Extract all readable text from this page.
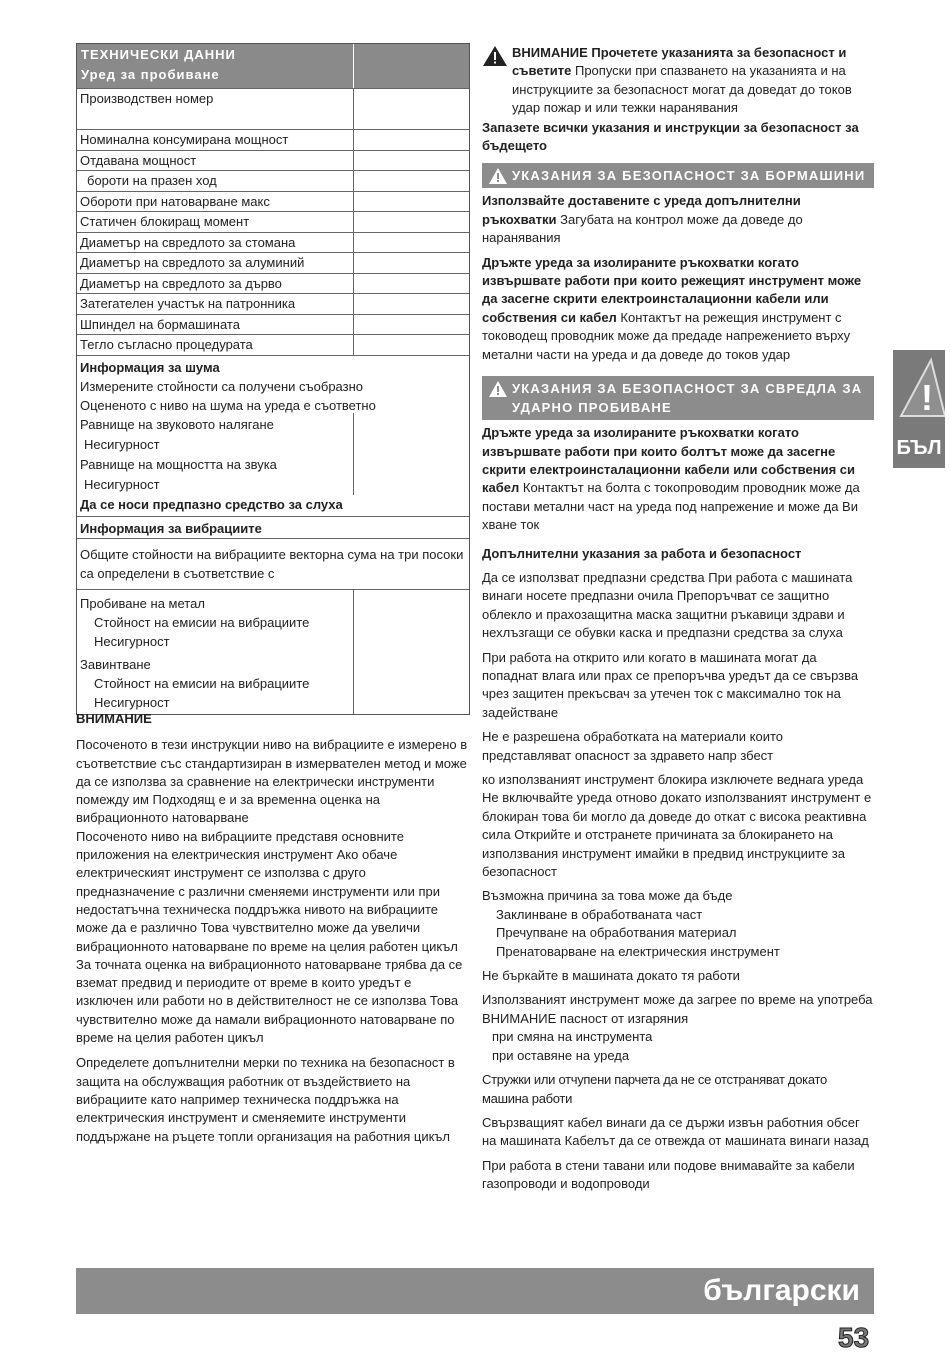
ТЕХНИЧЕСКИ ДАННИ
Уред за пробиване
Производствен номер
Номинална консумирана мощност
Отдавана мощност
бороти на празен ход
Обороти при натоварване макс
Статичен блокиращ момент
Диаметър на свредлото за стомана
Диаметър на свредлото за алуминий
Диаметър на свредлото за дърво
Затегателен участък на патронника
Шпиндел на бормашината
Тегло съгласно процедурата
Информация за шума
Измерените стойности са получени съобразно
Оцененото с ниво на шума на уреда е съответно
Равнище на звуковото налягане
Несигурност
Равнище на мощността на звука
Несигурност
Да се носи предпазно средство за слуха
Информация за вибрациите
Общите стойности на вибрациите векторна сума на три посоки
са определени в съответствие с
Пробиване на метал
Стойност на емисии на вибрациите
Несигурност
Завинтване
Стойност на емисии на вибрациите
Несигурност
ВНИМАНИЕ

Посоченото в тези инструкции ниво на вибрациите е измерено в съответствие със стандартизиран в измервателен метод и може да се използва за сравнение на електрически инструменти помежду им Подходящ е и за временна оценка на вибрационното натоварване

Посоченото ниво на вибрациите представя основните приложения на електрическия инструмент Ако обаче електрическият инструмент се използва с друго предназначение с различни сменяеми инструменти или при недостатъчна техническа поддръжка нивото на вибрациите може да е различно Това чувствително може да увеличи вибрационното натоварване по време на целия работен цикъл

За точната оценка на вибрационното натоварване трябва да се вземат предвид и периодите от време в които уредът е изключен или работи но в действителност не се използва Това чувствително може да намали вибрационното натоварване по време на целия работен цикъл

Определете допълнителни мерки по техника на безопасност в защита на обслужващия работник от въздействието на вибрациите като например техническа поддръжка на електрическия инструмент и сменяемите инструменти поддържане на ръцете топли организация на работния цикъл

ВНИМАНИЕ Прочетете указанията за безопасност и съветите Пропуски при спазването на указанията и на инструкциите за безопасност могат да доведат до токов удар пожар и или тежки наранявания

Запазете всички указания и инструкции за безопасност за бъдещето

УКАЗАНИЯ ЗА БЕЗОПАСНОСТ ЗА БОРМАШИНИ

Използвайте доставените с уреда допълнителни ръкохватки Загубата на контрол може да доведе до наранявания

Дръжте уреда за изолираните ръкохватки когато извършвате работи при които режещият инструмент може да засегне скрити електроинсталационни кабели или собствения си кабел Контактът на режещия инструмент с тоководещ проводник може да предаде напрежението върху метални части на уреда и да доведе до токов удар

УКАЗАНИЯ ЗА БЕЗОПАСНОСТ ЗА СВРЕДЛА ЗА УДАРНО ПРОБИВАНЕ

Дръжте уреда за изолираните ръкохватки когато извършвате работи при които болтът може да засегне скрити електроинсталационни кабели или собствения си кабел Контактът на болта с токопроводим проводник може да постави метални част на уреда под напрежение и може да Ви хване ток

Допълнителни указания за работа и безопасност

Да се използват предпазни средства При работа с машината винаги носете предпазни очила Препоръчват се защитно облекло и прахозащитна маска защитни ръкавици здрави и нехлъзгащи се обувки каска и предпазни средства за слуха

При работа на открито или когато в машината могат да попаднат влага или прах се препоръчва уредът да се свързва чрез защитен прекъсвач за утечен ток с максимално ток на задействане

Не е разрешена обработката на материали които представляват опасност за здравето напр збест

ко използваният инструмент блокира изключете веднага уреда Не включвайте уреда отново докато използваният инструмент е блокиран това би могло да доведе до откат с висока реактивна сила Открийте и отстранете причината за блокирането на използвания инструмент имайки в предвид инструкциите за безопасност

Възможна причина за това може да бъде
Заклинване в обработваната част
Пречупване на обработвания материал
Пренатоварване на електрическия инструмент

Не бъркайте в машината докато тя работи

Използваният инструмент може да загрее по време на употреба
ВНИМАНИЕ пасност от изгаряния
при смяна на инструмента
при оставяне на уреда

Стружки или отчупени парчета да не се отстраняват докато машина работи

Свързващият кабел винаги да се държи извън работния обсег на машината Кабелът да се отвежда от машината винаги назад

При работа в стени тавани или подове внимавайте за кабели газопроводи и водопроводи

!
БЪЛ
български
53
